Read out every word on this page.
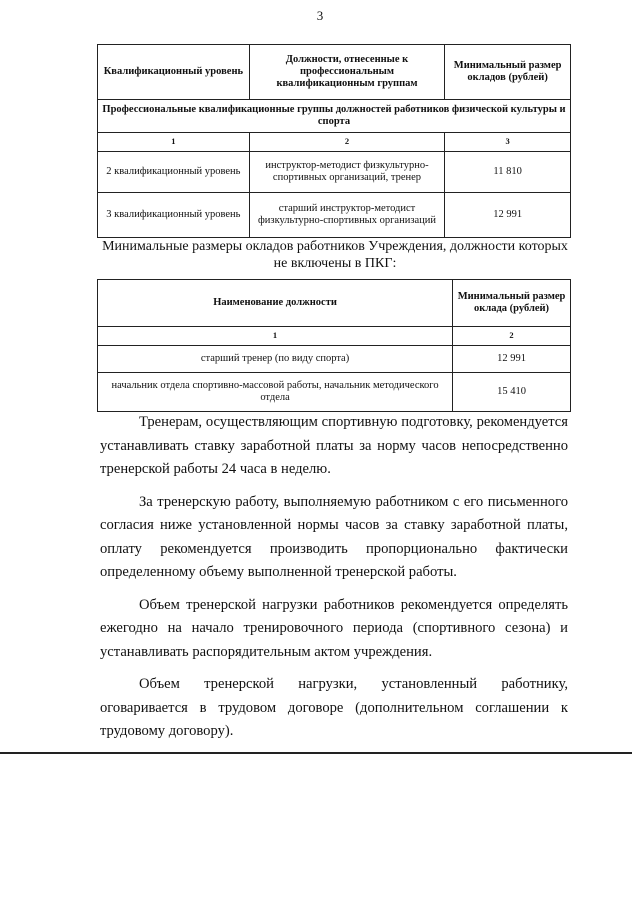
3
Квалификационный уровень	Должности, отнесенные к профессиональным квалификационным группам	Минимальный размер окладов (рублей)
Профессиональные квалификационные группы должностей работников физической культуры и спорта		
1	2	3
2 квалификационный уровень	инструктор-методист физкультурно-спортивных организаций, тренер	11 810
3 квалификационный уровень	старший инструктор-методист физкультурно-спортивных организаций	12 991
Минимальные размеры окладов работников Учреждения, должности которых не включены в ПКГ:
Наименование должности	Минимальный размер оклада (рублей)
1	2
старший тренер (по виду спорта)	12 991
начальник отдела спортивно-массовой работы, начальник методического отдела	15 410

Тренерам, осуществляющим спортивную подготовку, рекомендуется устанавливать ставку заработной платы за норму часов непосредственно тренерской работы 24 часа в неделю.

За тренерскую работу, выполняемую работником с его письменного согласия ниже установленной нормы часов за ставку заработной платы, оплату рекомендуется производить пропорционально фактически определенному объему выполненной тренерской работы.

Объем тренерской нагрузки работников рекомендуется определять ежегодно на начало тренировочного периода (спортивного сезона) и устанавливать распорядительным актом учреждения.

Объем тренерской нагрузки, установленный работнику, оговаривается в трудовом договоре (дополнительном соглашении к трудовому договору).
